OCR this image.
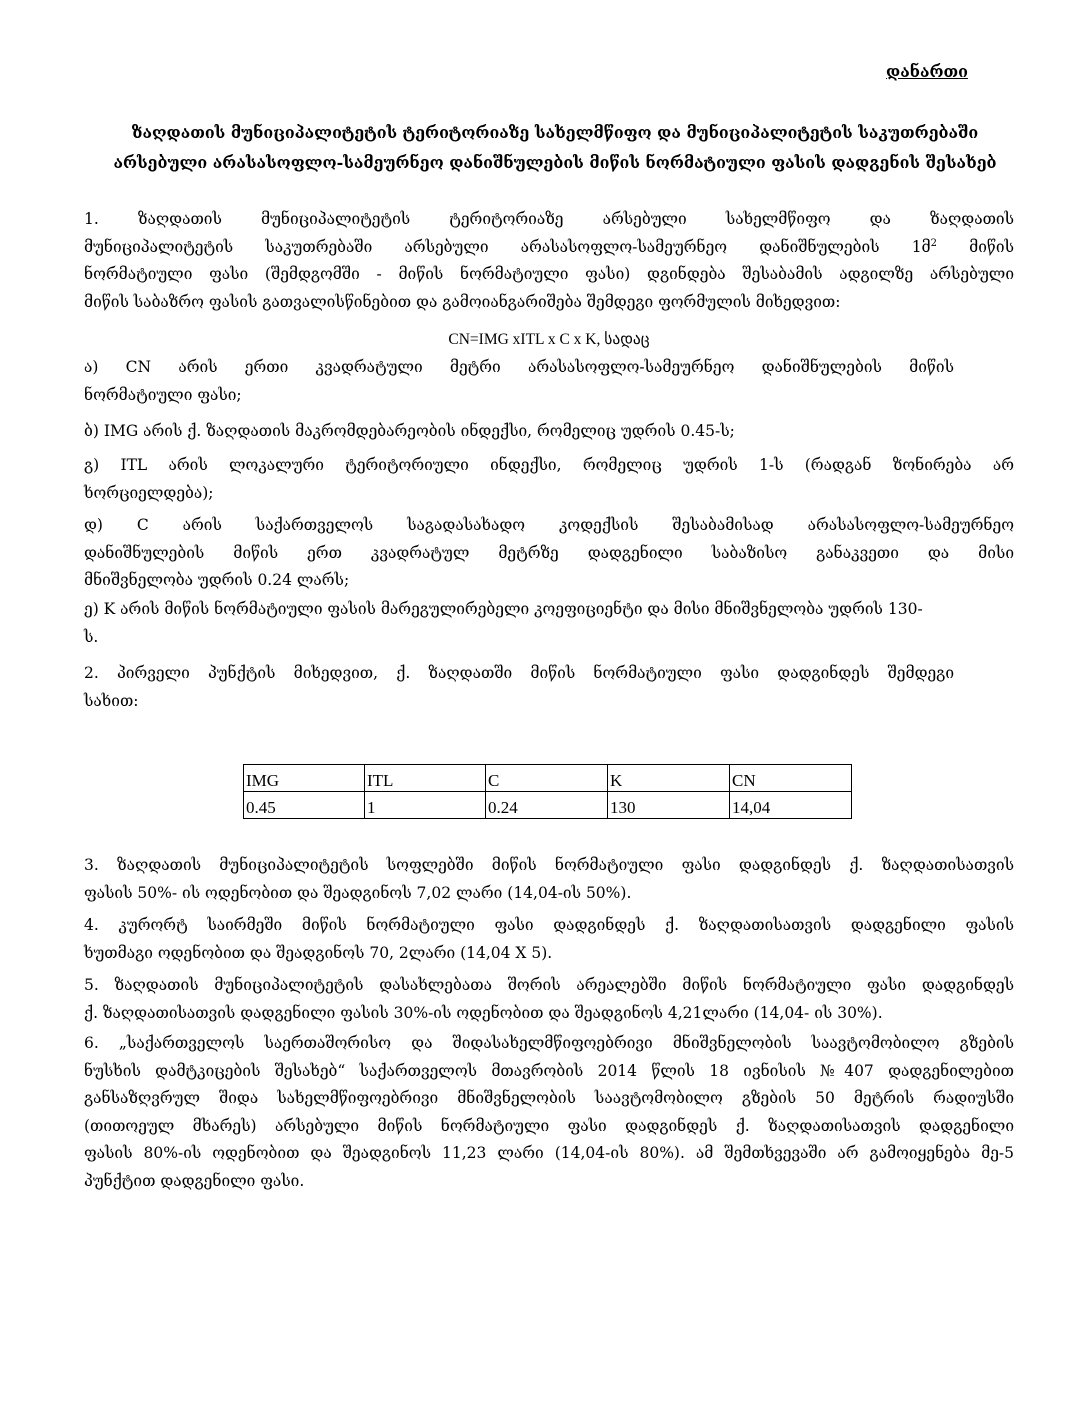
დანართი
ზაღდათის მუნიციპალიტეტის ტერიტორიაზე სახელმწიფო და მუნიციპალიტეტის საკუთრებაში
არსებული არასასოფლო-სამეურნეო დანიშნულების მიწის ნორმატიული ფასის დადგენის შესახებ
1. ზაღდათის მუნიციპალიტეტის ტერიტორიაზე არსებული სახელმწიფო და ზაღდათის
მუნიციპალიტეტის საკუთრებაში არსებული არასასოფლო-სამეურნეო დანიშნულების 1მ$^2$ მიწის
ნორმატიული ფასი (შემდგომში - მიწის ნორმატიული ფასი) დგინდება შესაბამის ადგილზე არსებული
მიწის საბაზრო ფასის გათვალისწინებით და გამოიანგარიშება შემდეგი ფორმულის მიხედვით:
CN=IMG xITL x C x K, სადაც
ა) CN არის ერთი კვადრატული მეტრი არასასოფლო-სამეურნეო დანიშნულების მიწის
ნორმატიული ფასი;
ბ) IMG არის ქ. ზაღდათის მაკრომდებარეობის ინდექსი, რომელიც უდრის 0.45-ს;
გ) ITL არის ლოკალური ტერიტორიული ინდექსი, რომელიც უდრის 1-ს (რადგან ზონირება არ
ხორციელდება);
დ) C არის საქართველოს საგადასახადო კოდექსის შესაბამისად არასასოფლო-სამეურნეო
დანიშნულების მიწის ერთ კვადრატულ მეტრზე დადგენილი საბაზისო განაკვეთი და მისი
მნიშვნელობა უდრის 0.24 ლარს;
ე) K არის მიწის ნორმატიული ფასის მარეგულირებელი კოეფიციენტი და მისი მნიშვნელობა უდრის 130-
ს.
2. პირველი პუნქტის მიხედვით, ქ. ზაღდათში მიწის ნორმატიული ფასი დადგინდეს შემდეგი
სახით:
IMG	ITL	C	K	CN
0.45	1	0.24	130	14,04
3. ზაღდათის მუნიციპალიტეტის სოფლებში მიწის ნორმატიული ფასი დადგინდეს ქ. ზაღდათისათვის
ფასის 50%- ის ოდენობით და შეადგინოს 7,02 ლარი (14,04-ის 50%).
4. კურორტ საირმეში მიწის ნორმატიული ფასი დადგინდეს ქ. ზაღდათისათვის დადგენილი ფასის
ხუთმაგი ოდენობით და შეადგინოს 70, 2ლარი (14,04 X 5).
5. ზაღდათის მუნიციპალიტეტის დასახლებათა შორის არეალებში მიწის ნორმატიული ფასი დადგინდეს
ქ. ზაღდათისათვის დადგენილი ფასის 30%-ის ოდენობით და შეადგინოს 4,21ლარი (14,04- ის 30%).
6. „საქართველოს საერთაშორისო და შიდასახელმწიფოებრივი მნიშვნელობის საავტომობილო გზების
ნუსხის დამტკიცების შესახებ“ საქართველოს მთავრობის 2014 წლის 18 ივნისის №407 დადგენილებით
განსაზღვრულ შიდა სახელმწიფოებრივი მნიშვნელობის საავტომობილო გზების 50 მეტრის რადიუსში
(თითოეულ მხარეს) არსებული მიწის ნორმატიული ფასი დადგინდეს ქ. ზაღდათისათვის დადგენილი
ფასის 80%-ის ოდენობით და შეადგინოს 11,23 ლარი (14,04-ის 80%). ამ შემთხვევაში არ გამოიყენება მე-5
პუნქტით დადგენილი ფასი.
